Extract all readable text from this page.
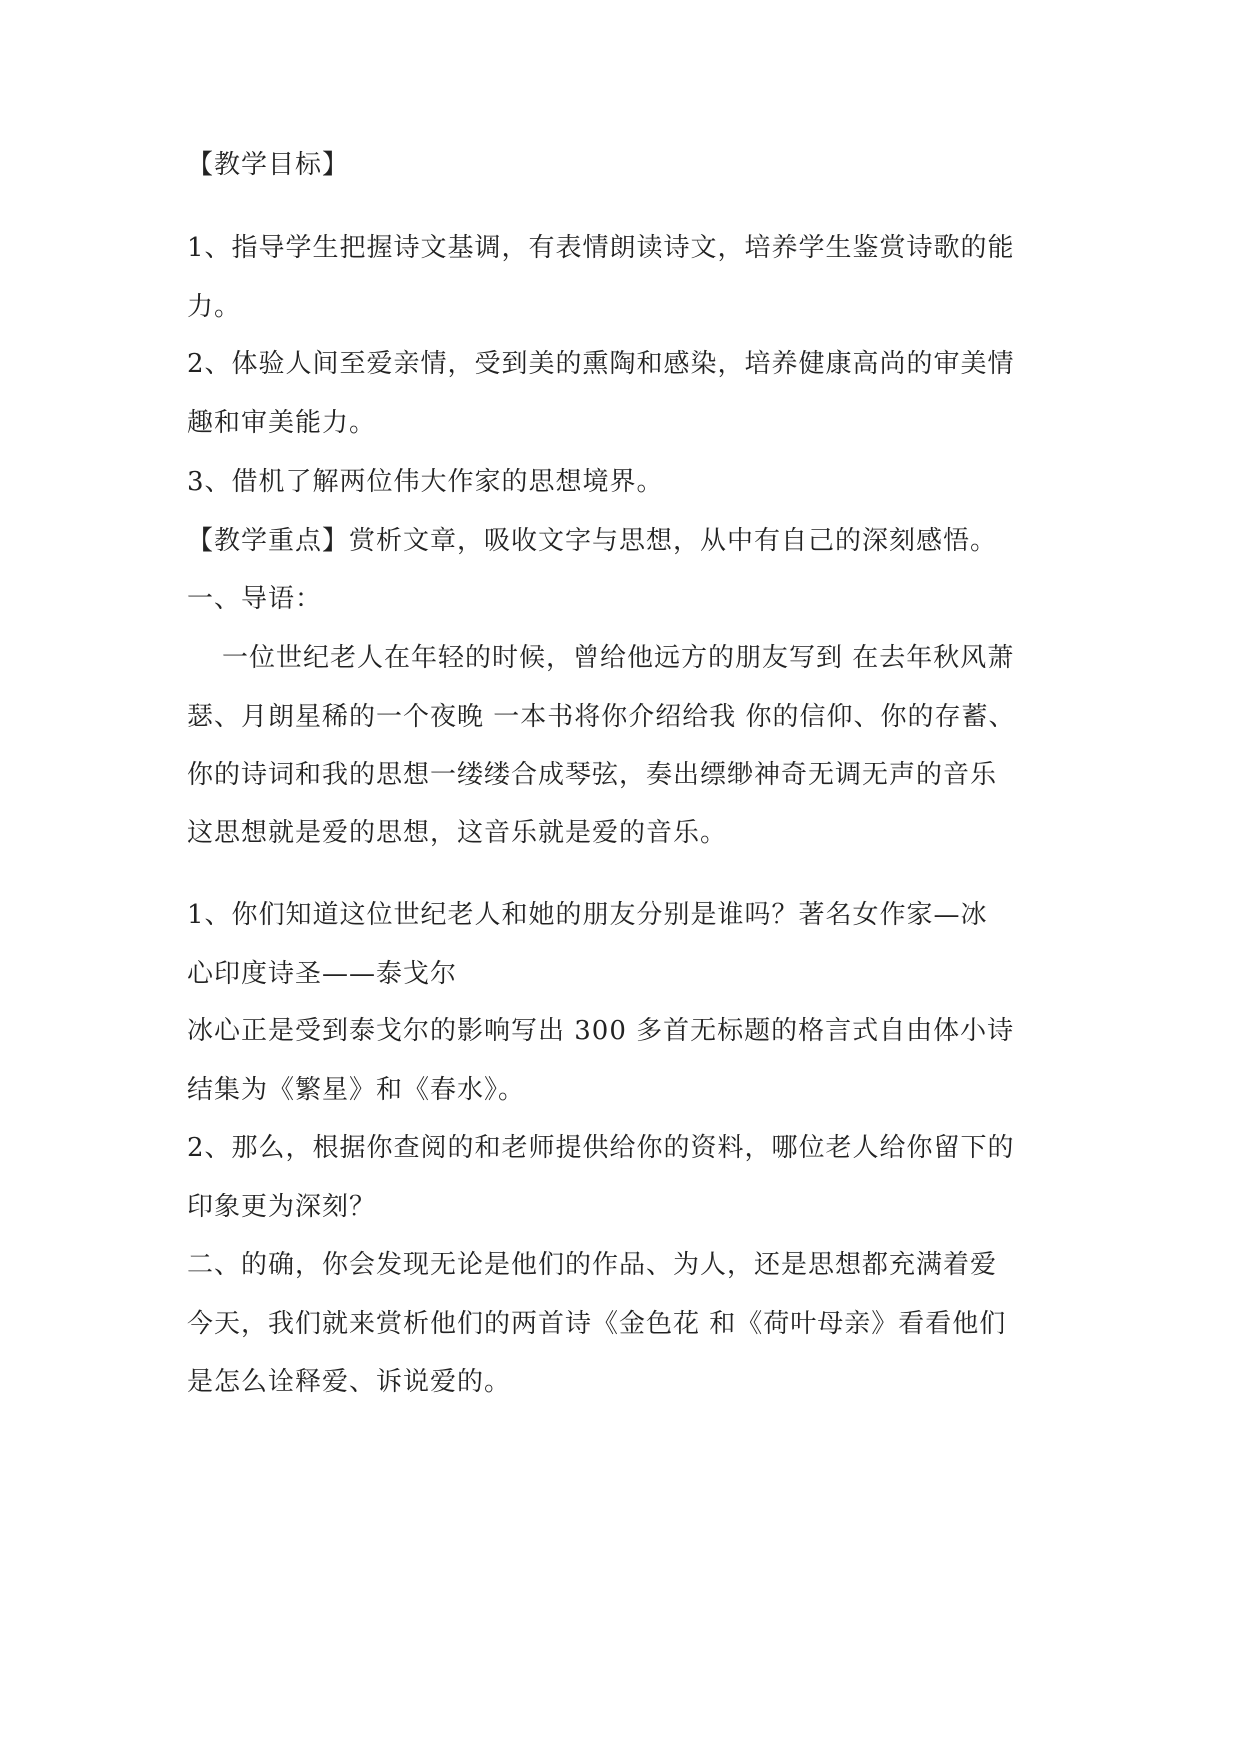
【教学目标】
1、指导学生把握诗文基调，有表情朗读诗文，培养学生鉴赏诗歌的能
力。
2、体验人间至爱亲情，受到美的熏陶和感染，培养健康高尚的审美情
趣和审美能力。
3、借机了解两位伟大作家的思想境界。
【教学重点】赏析文章，吸收文字与思想，从中有自己的深刻感悟。
一、导语：
一位世纪老人在年轻的时候，曾给他远方的朋友写到 在去年秋风萧
瑟、月朗星稀的一个夜晚 一本书将你介绍给我 你的信仰、你的存蓄、
你的诗词和我的思想一缕缕合成琴弦，奏出缥缈神奇无调无声的音乐
这思想就是爱的思想，这音乐就是爱的音乐。
1、你们知道这位世纪老人和她的朋友分别是谁吗？著名女作家—冰
心印度诗圣——泰戈尔
冰心正是受到泰戈尔的影响写出 300 多首无标题的格言式自由体小诗
结集为《繁星》和《春水》。
2、那么，根据你查阅的和老师提供给你的资料，哪位老人给你留下的
印象更为深刻？
二、的确，你会发现无论是他们的作品、为人，还是思想都充满着爱
今天，我们就来赏析他们的两首诗《金色花 和《荷叶母亲》看看他们
是怎么诠释爱、诉说爱的。
